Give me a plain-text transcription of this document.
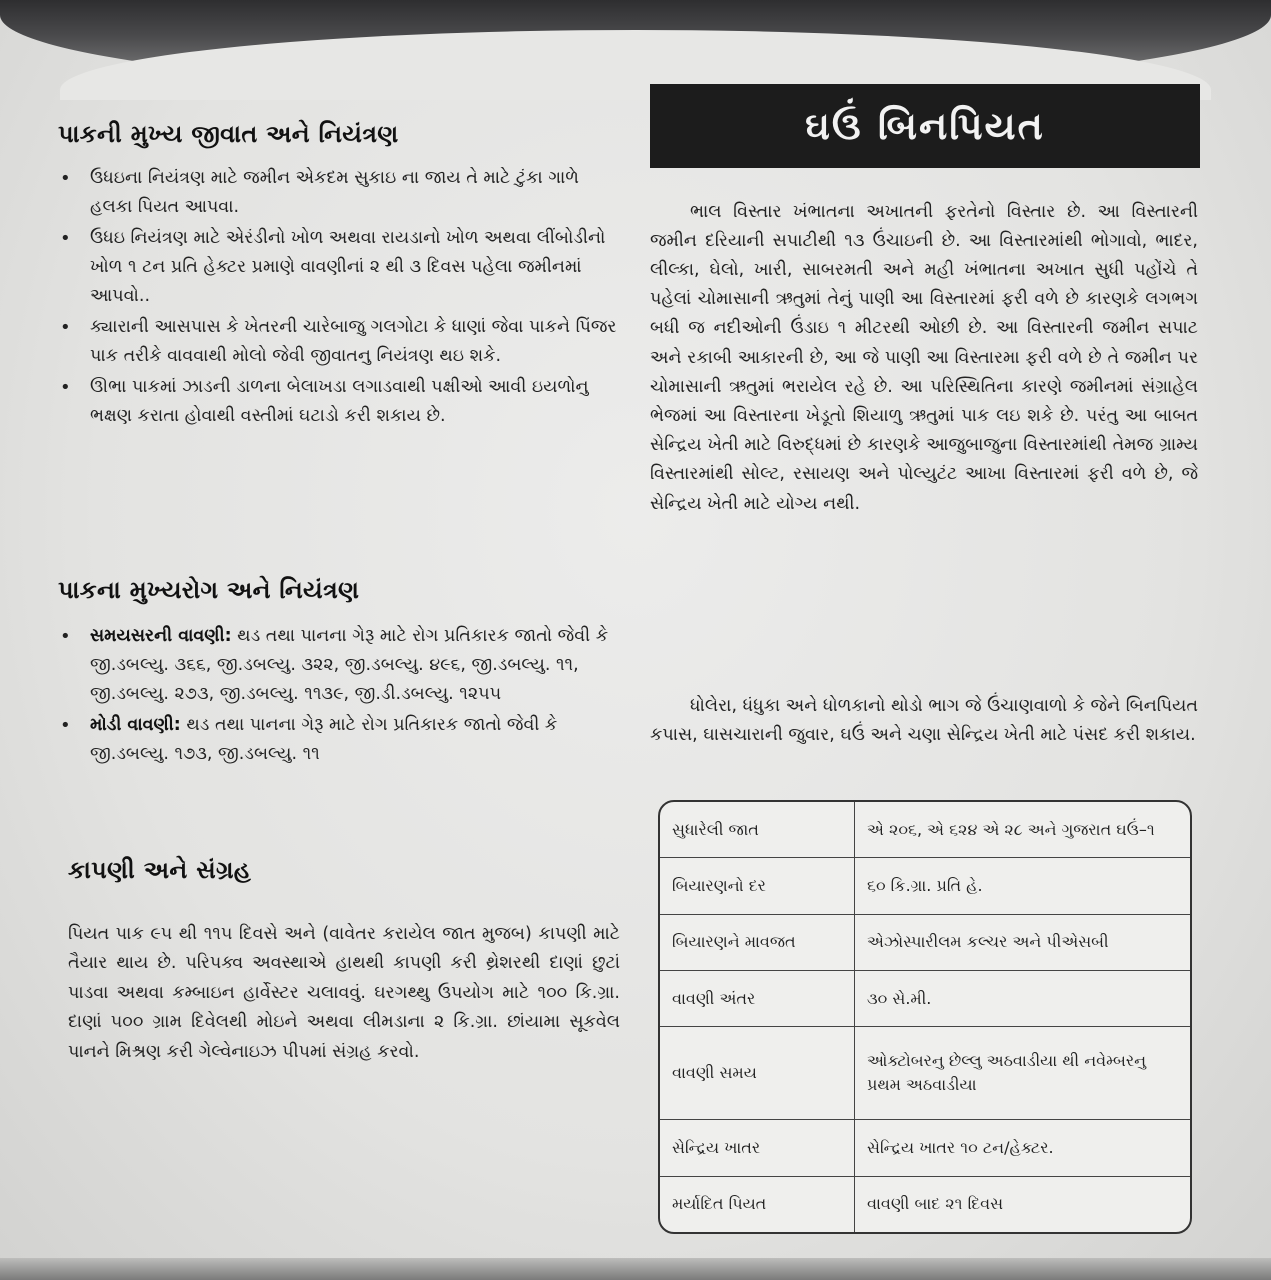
પાકની મુખ્ય જીવાત અને નિયંત્રણ
• ઉધઇના નિયંત્રણ માટે જમીન એકદમ સુકાઇ ના જાય તે માટે ટુંકા ગાળે હલકા પિયત આપવા.
• ઉધઇ નિયંત્રણ માટે એરંડીનો ખોળ અથવા રાયડાનો ખોળ અથવા લીંબોડીનો ખોળ ૧ ટન પ્રતિ હેક્ટર પ્રમાણે વાવણીનાં ૨ થી ૩ દિવસ પહેલા જમીનમાં આપવો..
• ક્યારાની આસપાસ કે ખેતરની ચારેબાજુ ગલગોટા કે ધાણાં જેવા પાકને પિંજર પાક તરીકે વાવવાથી મોલો જેવી જીવાતનુ નિયંત્રણ થઇ શકે.
• ઊભા પાકમાં ઝાડની ડાળના બેલાખડા લગાડવાથી પક્ષીઓ આવી ઇયળોનુ ભક્ષણ કરાતા હોવાથી વસ્તીમાં ઘટાડો કરી શકાય છે.
પાકના મુખ્યરોગ અને નિયંત્રણ
• સમયસરની વાવણી: થડ તથા પાનના ગેરૂ માટે રોગ પ્રતિકારક જાતો જેવી કે જી.ડબલ્યુ. ૩૬૬, જી.ડબલ્યુ. ૩૨૨, જી.ડબલ્યુ. ૪૯૬, જી.ડબલ્યુ. ૧૧, જી.ડબલ્યુ. ૨૭૩, જી.ડબલ્યુ. ૧૧૩૯, જી.ડી.ડબલ્યુ. ૧૨૫૫
• મોડી વાવણી: થડ તથા પાનના ગેરૂ માટે રોગ પ્રતિકારક જાતો જેવી કે જી.ડબલ્યુ. ૧૭૩, જી.ડબલ્યુ. ૧૧
કાપણી અને સંગ્રહ

પિયત પાક ૯૫ થી ૧૧૫ દિવસે અને (વાવેતર કરાયેલ જાત મુજબ) કાપણી માટે તૈયાર થાય છે. પરિપક્વ અવસ્થાએ હાથથી કાપણી કરી થ્રેશરથી દાણાં છુટાં પાડવા અથવા કમ્બાઇન હાર્વેસ્ટર ચલાવવું. ઘરગથ્થુ ઉપયોગ માટે ૧૦૦ કિ.ગ્રા. દાણાં ૫૦૦ ગ્રામ દિવેલથી મોઇને અથવા લીમડાના ૨ કિ.ગ્રા. છાંયામા સૂકવેલ પાનને મિશ્રણ કરી ગેલ્વેનાઇઝ પીપમાં સંગ્રહ કરવો.

ઘઉં બિનપિયત

ભાલ વિસ્તાર ખંભાતના અખાતની ફરતેનો વિસ્તાર છે. આ વિસ્તારની જમીન દરિયાની સપાટીથી ૧૩ ઉંચાઇની છે. આ વિસ્તારમાંથી ભોગાવો, ભાદર, લીલ્કા, ઘેલો, ખારી, સાબરમતી અને મહી ખંભાતના અખાત સુધી પહોંચે તે પહેલાં ચોમાસાની ઋતુમાં તેનું પાણી આ વિસ્તારમાં ફરી વળે છે કારણકે લગભગ બધી જ નદીઓની ઉંડાઇ ૧ મીટરથી ઓછી છે. આ વિસ્તારની જમીન સપાટ અને રકાબી આકારની છે, આ જે પાણી આ વિસ્તારમા ફરી વળે છે તે જમીન પર ચોમાસાની ઋતુમાં ભરાયેલ રહે છે. આ પરિસ્થિતિના કારણે જમીનમાં સંગ્રાહેલ ભેજમાં આ વિસ્તારના ખેડૂતો શિયાળુ ઋતુમાં પાક લઇ શકે છે. પરંતુ આ બાબત સેન્દ્રિય ખેતી માટે વિરુદ્ધમાં છે કારણકે આજુબાજુના વિસ્તારમાંથી તેમજ ગ્રામ્ય વિસ્તારમાંથી સોલ્ટ, રસાયણ અને પોલ્યુટંટ આખા વિસ્તારમાં ફરી વળે છે, જે સેન્દ્રિય ખેતી માટે યોગ્ય નથી.

ધોલેરા, ધંધુકા અને ધોળકાનો થોડો ભાગ જે ઉંચાણવાળો કે જેને બિનપિયત કપાસ, ઘાસચારાની જુવાર, ઘઉં અને ચણા સેન્દ્રિય ખેતી માટે પંસદ કરી શકાય.

સુધારેલી જાત	એ ૨૦૬, એ ૬૨૪ એ ૨૮ અને ગુજરાત ઘઉં–૧
બિયારણનો દર	૬૦ કિ.ગ્રા. પ્રતિ હે.
બિયારણને માવજત	એઝોસ્પારીલમ કલ્ચર અને પીએસબી
વાવણી અંતર	૩૦ સે.મી.
વાવણી સમય	ઓક્ટોબરનુ છેલ્લુ અઠવાડીયા થી નવેમ્બરનુ પ્રથમ અઠવાડીયા
સેન્દ્રિય ખાતર	સેન્દ્રિય ખાતર ૧૦ ટન/હેક્ટર.
મર્યાદિત પિયત	વાવણી બાદ ૨૧ દિવસ
